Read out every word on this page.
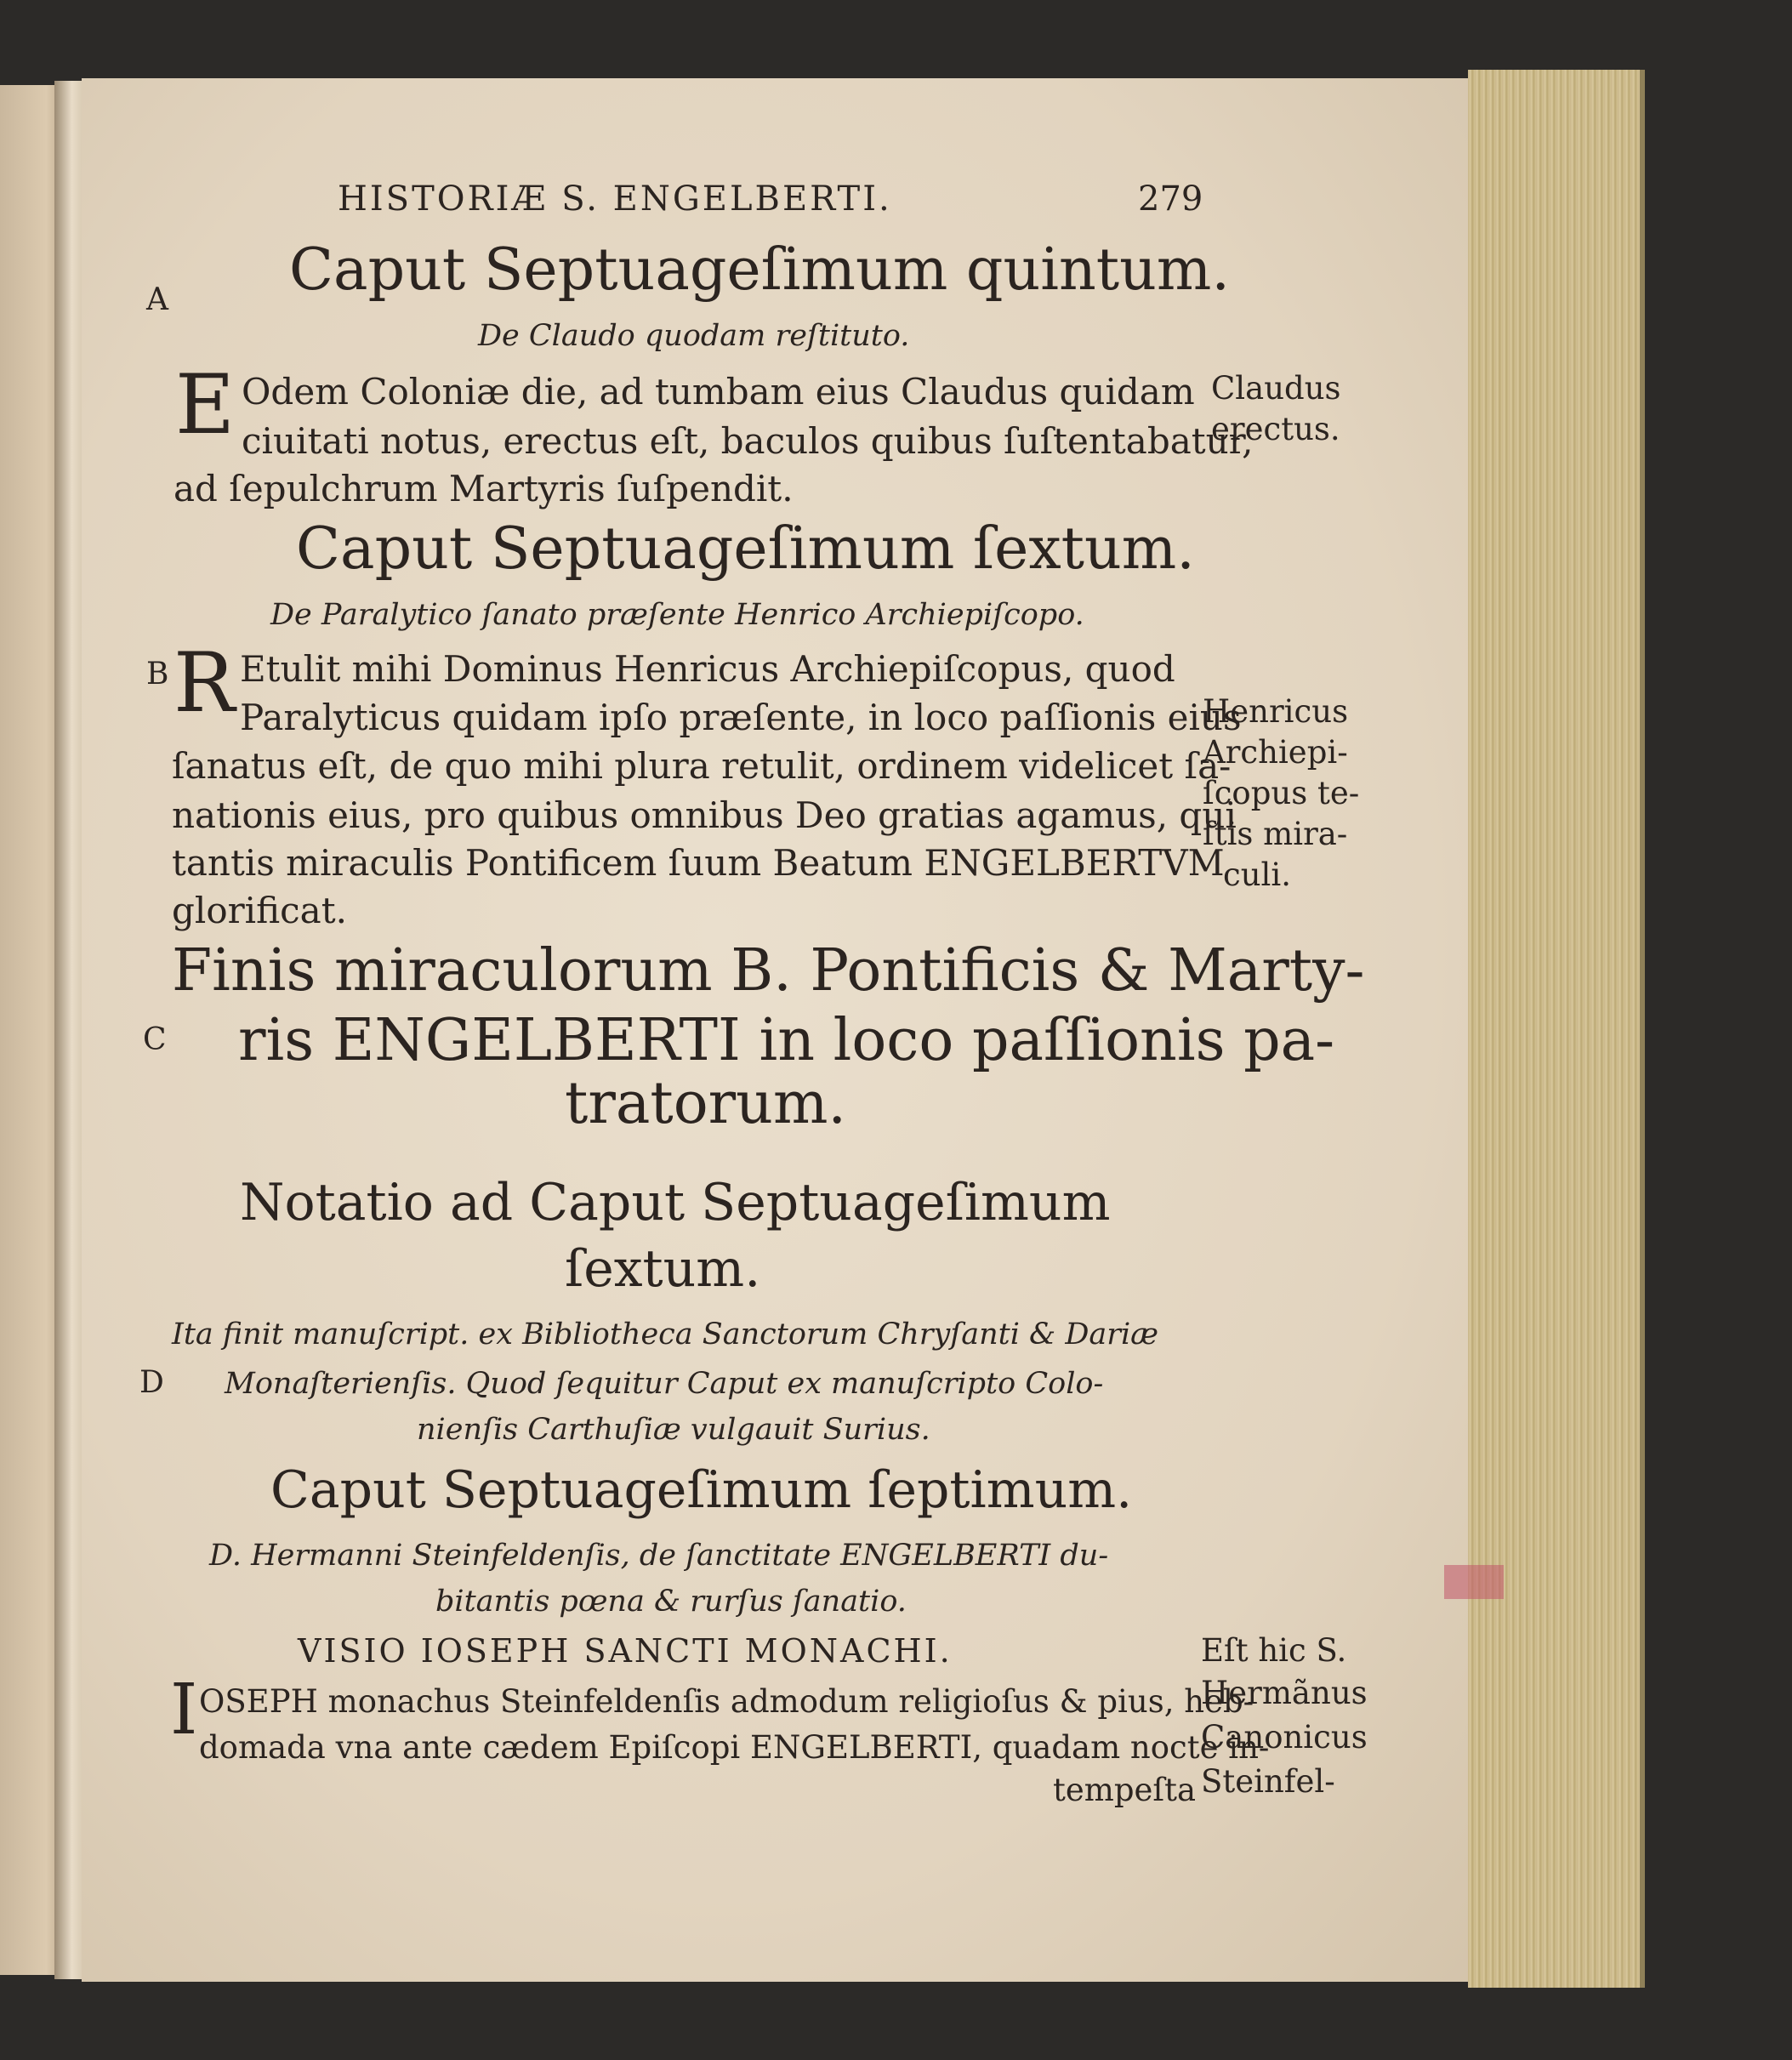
HISTORIÆ S. ENGELBERTI.	279
A
B
C
D
Caput Septuageſimum quintum.
De Claudo quodam reſtituto.
E Odem Coloniæ die, ad tumbam eius Claudus quidam
ciuitati notus, erectus eſt, baculos quibus ſuſtentabatur,
ad ſepulchrum Martyris ſuſpendit.
Claudus
erectus.
Caput Septuageſimum ſextum.
De Paralytico ſanato præſente Henrico Archiepiſcopo.
R Etulit mihi Dominus Henricus Archiepiſcopus, quod
Paralyticus quidam ipſo præſente, in loco paſſionis eius
ſanatus eſt, de quo mihi plura retulit, ordinem videlicet ſa-
nationis eius, pro quibus omnibus Deo gratias agamus, qui
tantis miraculis Pontificem ſuum Beatum ENGELBERTVM
glorificat.
Henricus
Archiepi-
ſcopus te-
ſtis mira-
culi.
Finis miraculorum B. Pontificis & Marty-
ris ENGELBERTI in loco paſſionis pa-
tratorum.
Notatio ad Caput Septuageſimum
ſextum.
Ita finit manuſcript. ex Bibliotheca Sanctorum Chryſanti & Dariæ
Monaſterienſis. Quod ſequitur Caput ex manuſcripto Colo-
nienſis Carthuſiæ vulgauit Surius.
Caput Septuageſimum ſeptimum.
D. Hermanni Steinfeldenſis, de ſanctitate ENGELBERTI du-
bitantis pœna & rurſus ſanatio.
VISIO IOSEPH SANCTI MONACHI.
I OSEPH monachus Steinfeldenſis admodum religioſus & pius, heb-
domada vna ante cædem Epiſcopi ENGELBERTI, quadam nocte in-
tempeſta
Eſt hic S.
Hermãnus
Canonicus
Steinfel-
